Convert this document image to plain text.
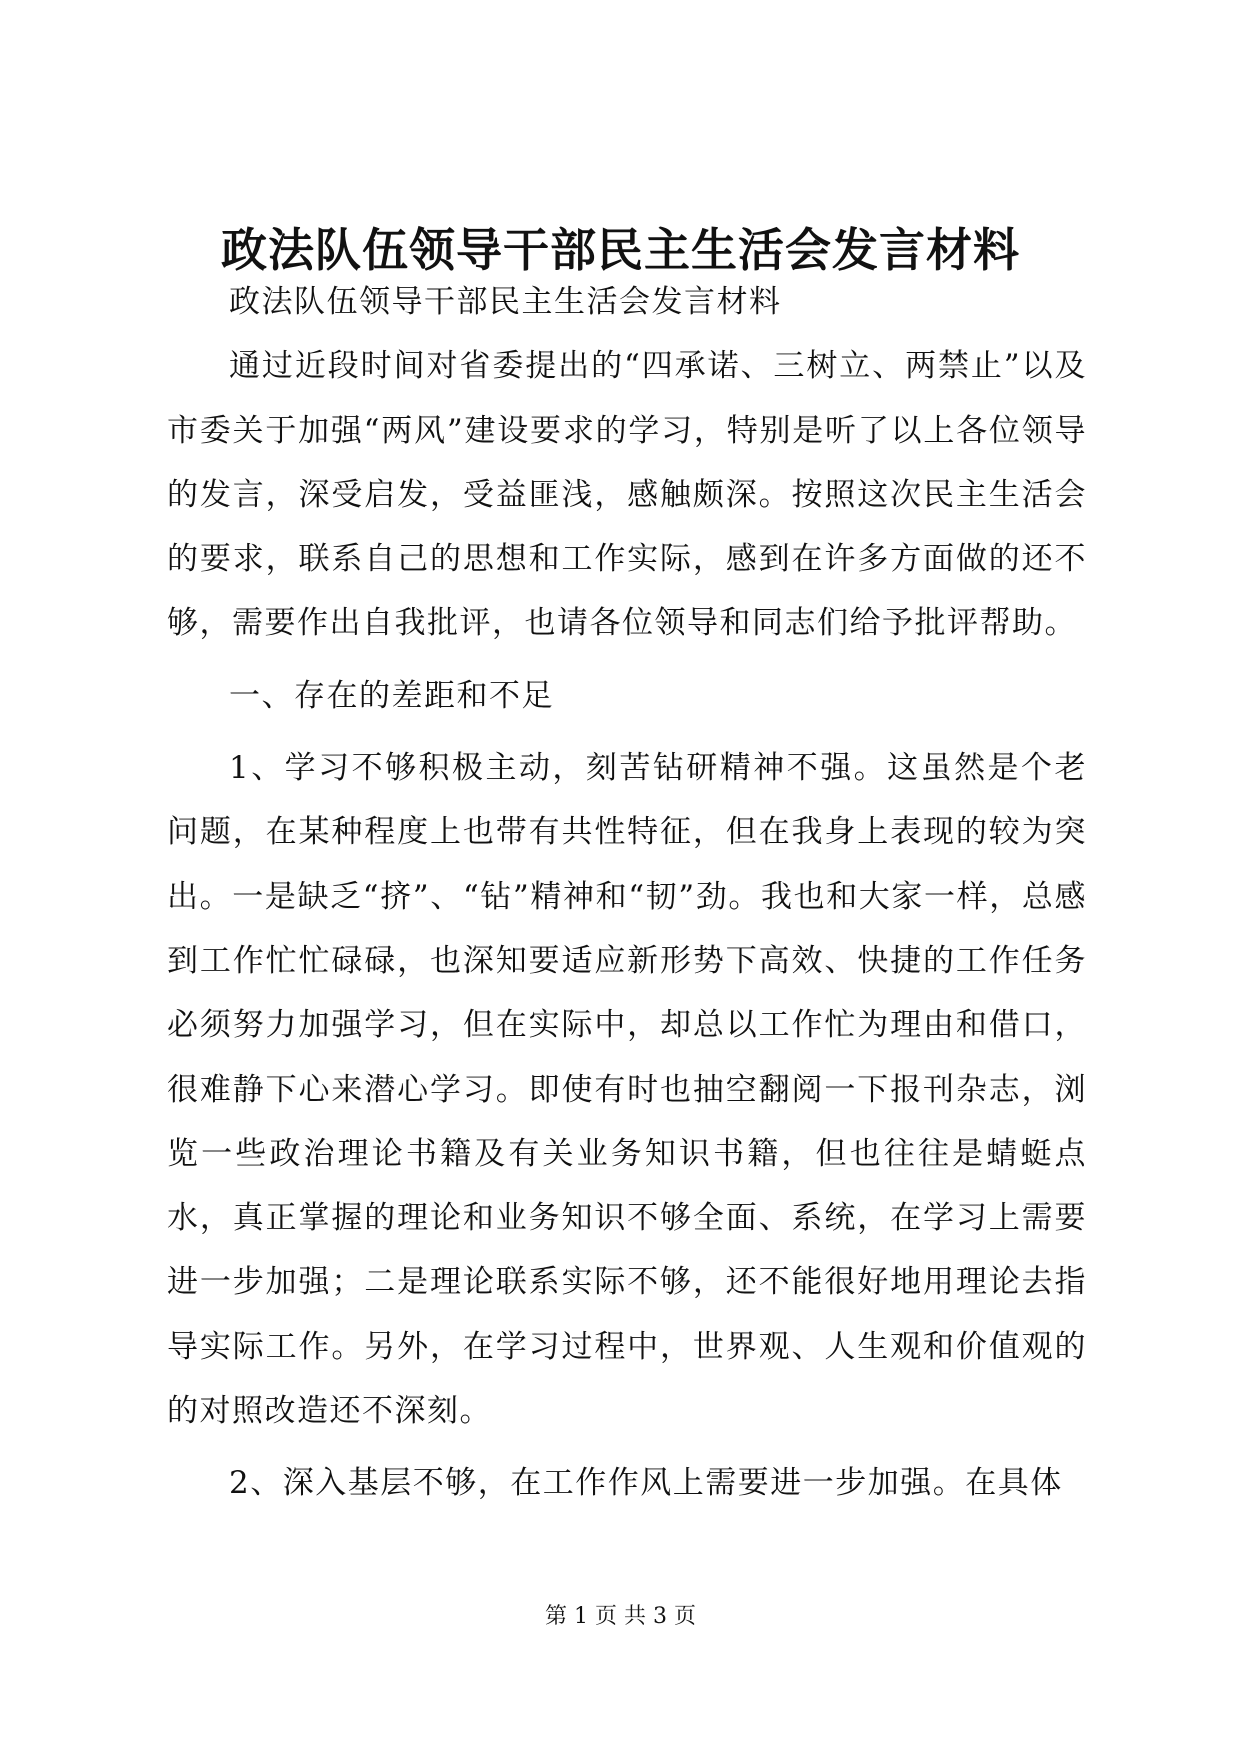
政法队伍领导干部民主生活会发言材料

政法队伍领导干部民主生活会发言材料

通过近段时间对省委提出的“四承诺、三树立、两禁止”以及市委关于加强“两风”建设要求的学习，特别是听了以上各位领导的发言，深受启发，受益匪浅，感触颇深。按照这次民主生活会的要求，联系自己的思想和工作实际，感到在许多方面做的还不够，需要作出自我批评，也请各位领导和同志们给予批评帮助。

一、存在的差距和不足

1、学习不够积极主动，刻苦钻研精神不强。这虽然是个老问题，在某种程度上也带有共性特征，但在我身上表现的较为突出。一是缺乏“挤”、“钻”精神和“韧”劲。我也和大家一样，总感到工作忙忙碌碌，也深知要适应新形势下高效、快捷的工作任务必须努力加强学习，但在实际中，却总以工作忙为理由和借口，很难静下心来潜心学习。即使有时也抽空翻阅一下报刊杂志，浏览一些政治理论书籍及有关业务知识书籍，但也往往是蜻蜓点水，真正掌握的理论和业务知识不够全面、系统，在学习上需要进一步加强；二是理论联系实际不够，还不能很好地用理论去指导实际工作。另外，在学习过程中，世界观、人生观和价值观的的对照改造还不深刻。

2、深入基层不够，在工作作风上需要进一步加强。在具体

第 1 页 共 3 页
